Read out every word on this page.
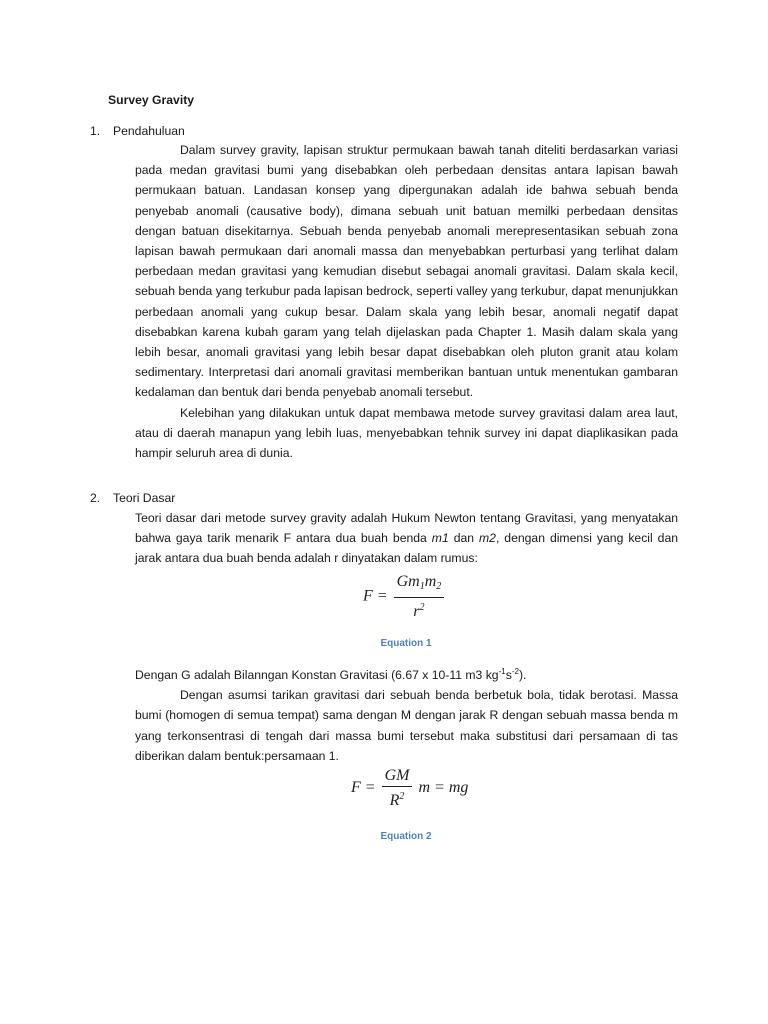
Survey Gravity
1. Pendahuluan

Dalam survey gravity, lapisan struktur permukaan bawah tanah diteliti berdasarkan variasi pada medan gravitasi bumi yang disebabkan oleh perbedaan densitas antara lapisan bawah permukaan batuan. Landasan konsep yang dipergunakan adalah ide bahwa sebuah benda penyebab anomali (causative body), dimana sebuah unit batuan memilki perbedaan densitas dengan batuan disekitarnya. Sebuah benda penyebab anomali merepresentasikan sebuah zona lapisan bawah permukaan dari anomali massa dan menyebabkan perturbasi yang terlihat dalam perbedaan medan gravitasi yang kemudian disebut sebagai anomali gravitasi. Dalam skala kecil, sebuah benda yang terkubur pada lapisan bedrock, seperti valley yang terkubur, dapat menunjukkan perbedaan anomali yang cukup besar. Dalam skala yang lebih besar, anomali negatif dapat disebabkan karena kubah garam yang telah dijelaskan pada Chapter 1. Masih dalam skala yang lebih besar, anomali gravitasi yang lebih besar dapat disebabkan oleh pluton granit atau kolam sedimentary. Interpretasi dari anomali gravitasi memberikan bantuan untuk menentukan gambaran kedalaman dan bentuk dari benda penyebab anomali tersebut.

Kelebihan yang dilakukan untuk dapat membawa metode survey gravitasi dalam area laut, atau di daerah manapun yang lebih luas, menyebabkan tehnik survey ini dapat diaplikasikan pada hampir seluruh area di dunia.

2. Teori Dasar

Teori dasar dari metode survey gravity adalah Hukum Newton tentang Gravitasi, yang menyatakan bahwa gaya tarik menarik F antara dua buah benda m1 dan m2, dengan dimensi yang kecil dan jarak antara dua buah benda adalah r dinyatakan dalam rumus:

$F = \frac{Gm_1m_2}{r^2}$
Equation 1

Dengan G adalah Bilanngan Konstan Gravitasi (6.67 x 10-11 m3 $kg^{-1}s^{-2}$).

Dengan asumsi tarikan gravitasi dari sebuah benda berbetuk bola, tidak berotasi. Massa bumi (homogen di semua tempat) sama dengan M dengan jarak R dengan sebuah massa benda m yang terkonsentrasi di tengah dari massa bumi tersebut maka substitusi dari persamaan di tas diberikan dalam bentuk:persamaan 1.

$F = \frac{GM}{R^2}$ m = mg
Equation 2
